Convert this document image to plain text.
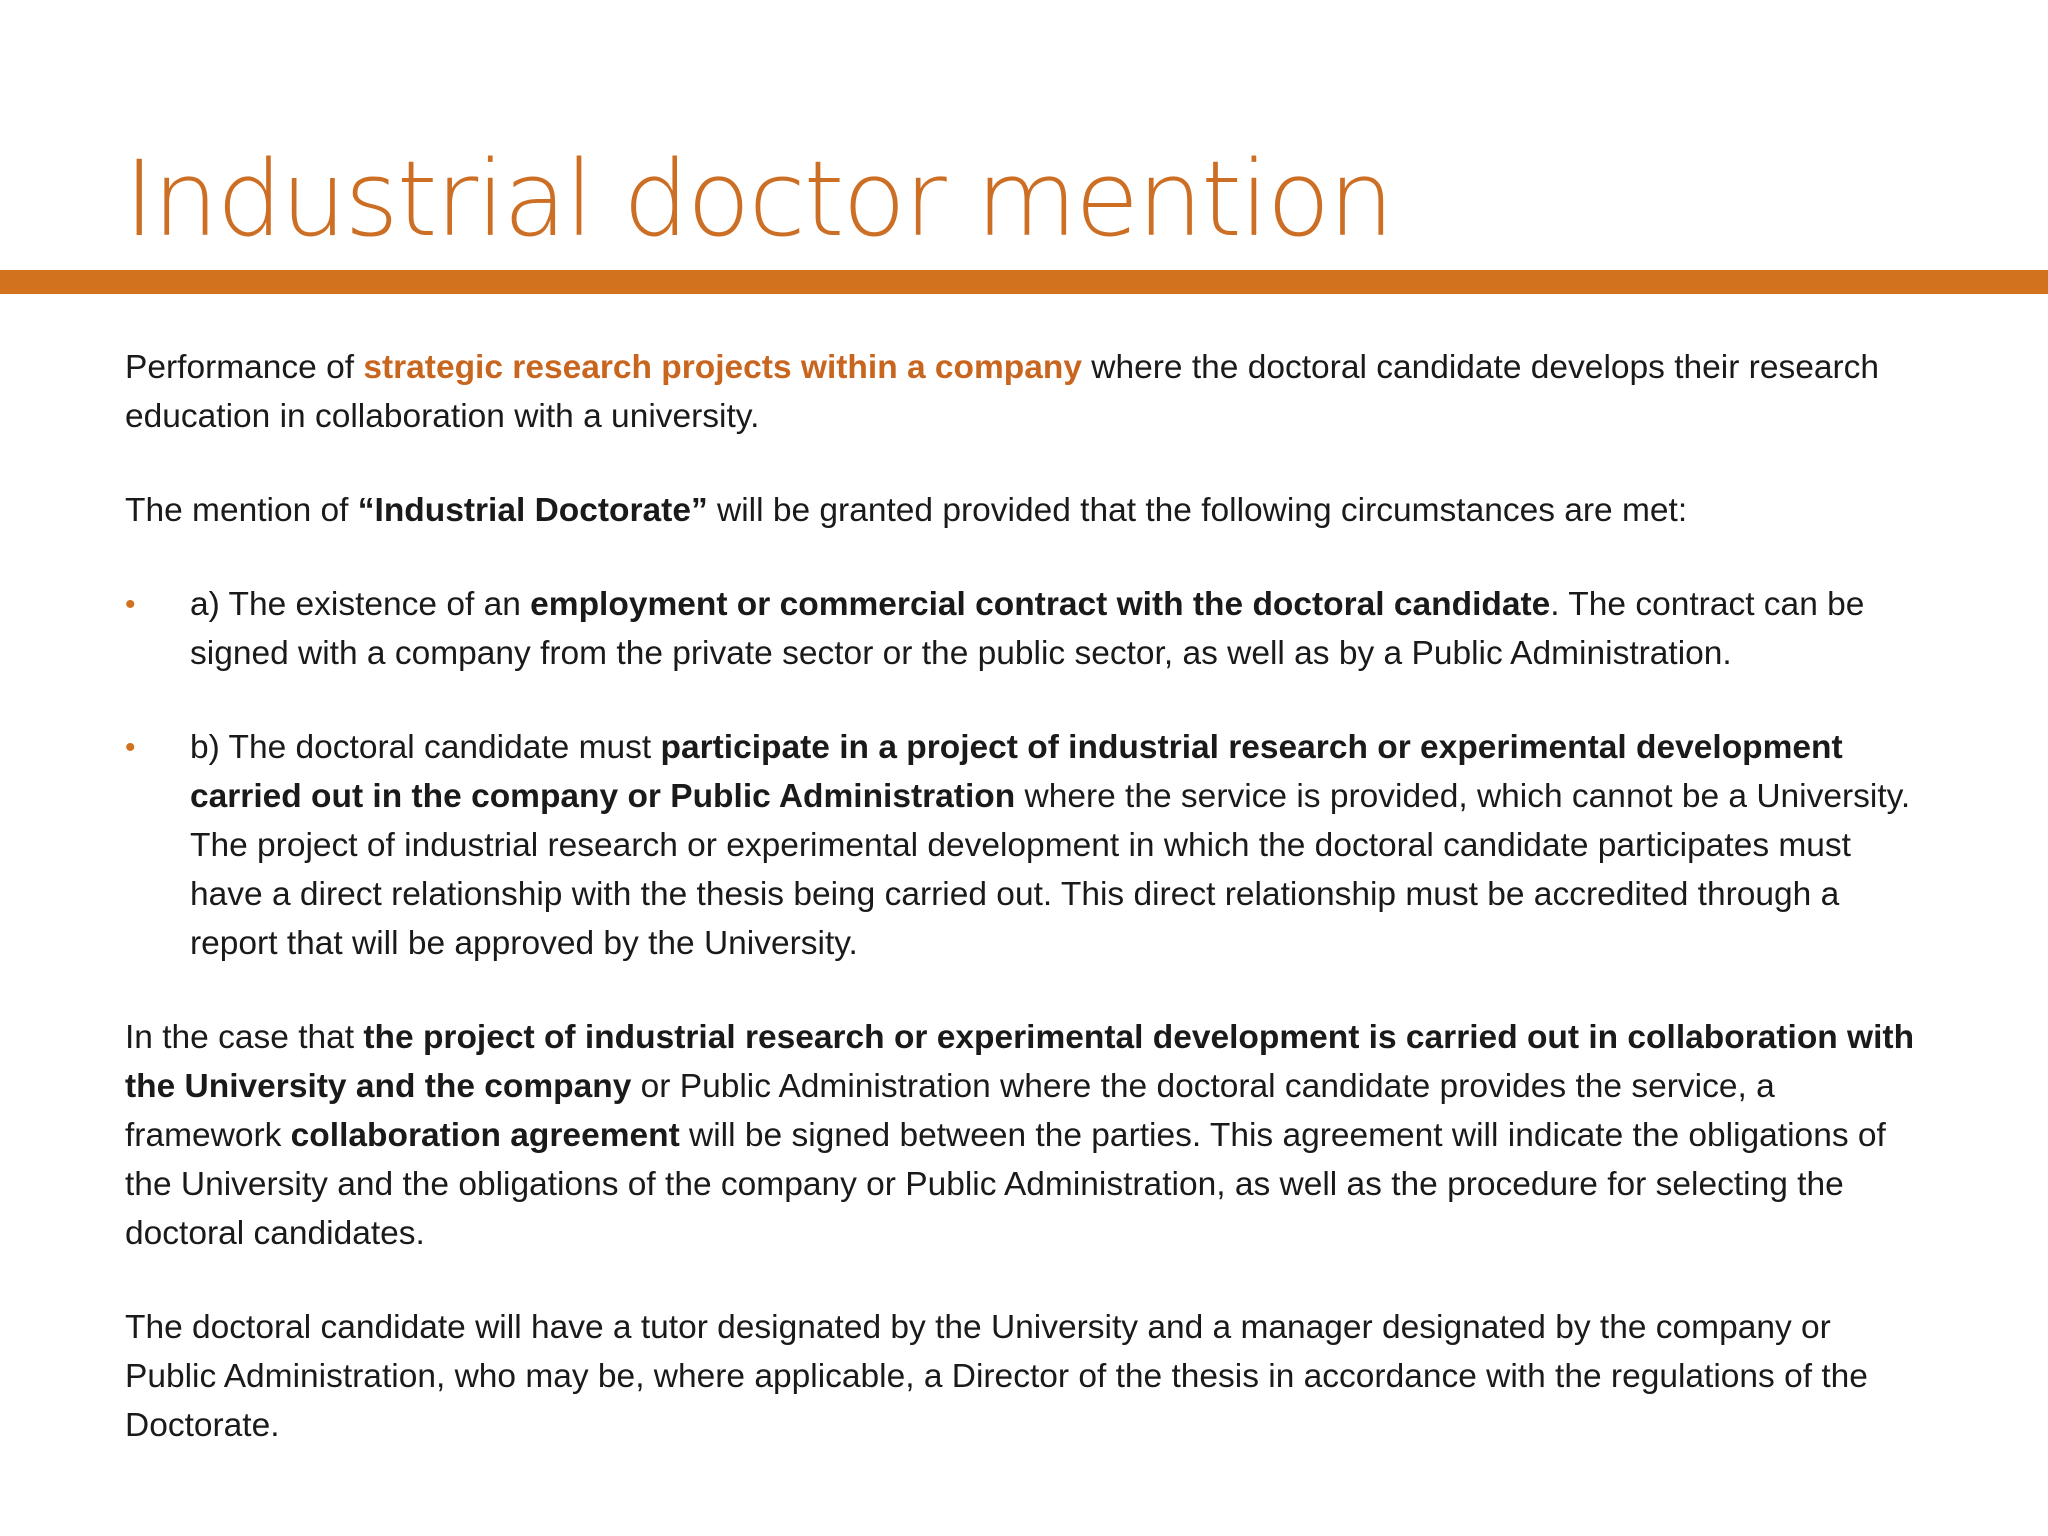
Industrial doctor mention

Performance of strategic research projects within a company where the doctoral candidate develops their research education in collaboration with a university.

The mention of “Industrial Doctorate” will be granted provided that the following circumstances are met:

• a) The existence of an employment or commercial contract with the doctoral candidate. The contract can be signed with a company from the private sector or the public sector, as well as by a Public Administration.
• b) The doctoral candidate must participate in a project of industrial research or experimental development carried out in the company or Public Administration where the service is provided, which cannot be a University. The project of industrial research or experimental development in which the doctoral candidate participates must have a direct relationship with the thesis being carried out. This direct relationship must be accredited through a report that will be approved by the University.

In the case that the project of industrial research or experimental development is carried out in collaboration with the University and the company or Public Administration where the doctoral candidate provides the service, a framework collaboration agreement will be signed between the parties. This agreement will indicate the obligations of the University and the obligations of the company or Public Administration, as well as the procedure for selecting the doctoral candidates.

The doctoral candidate will have a tutor designated by the University and a manager designated by the company or Public Administration, who may be, where applicable, a Director of the thesis in accordance with the regulations of the Doctorate.
